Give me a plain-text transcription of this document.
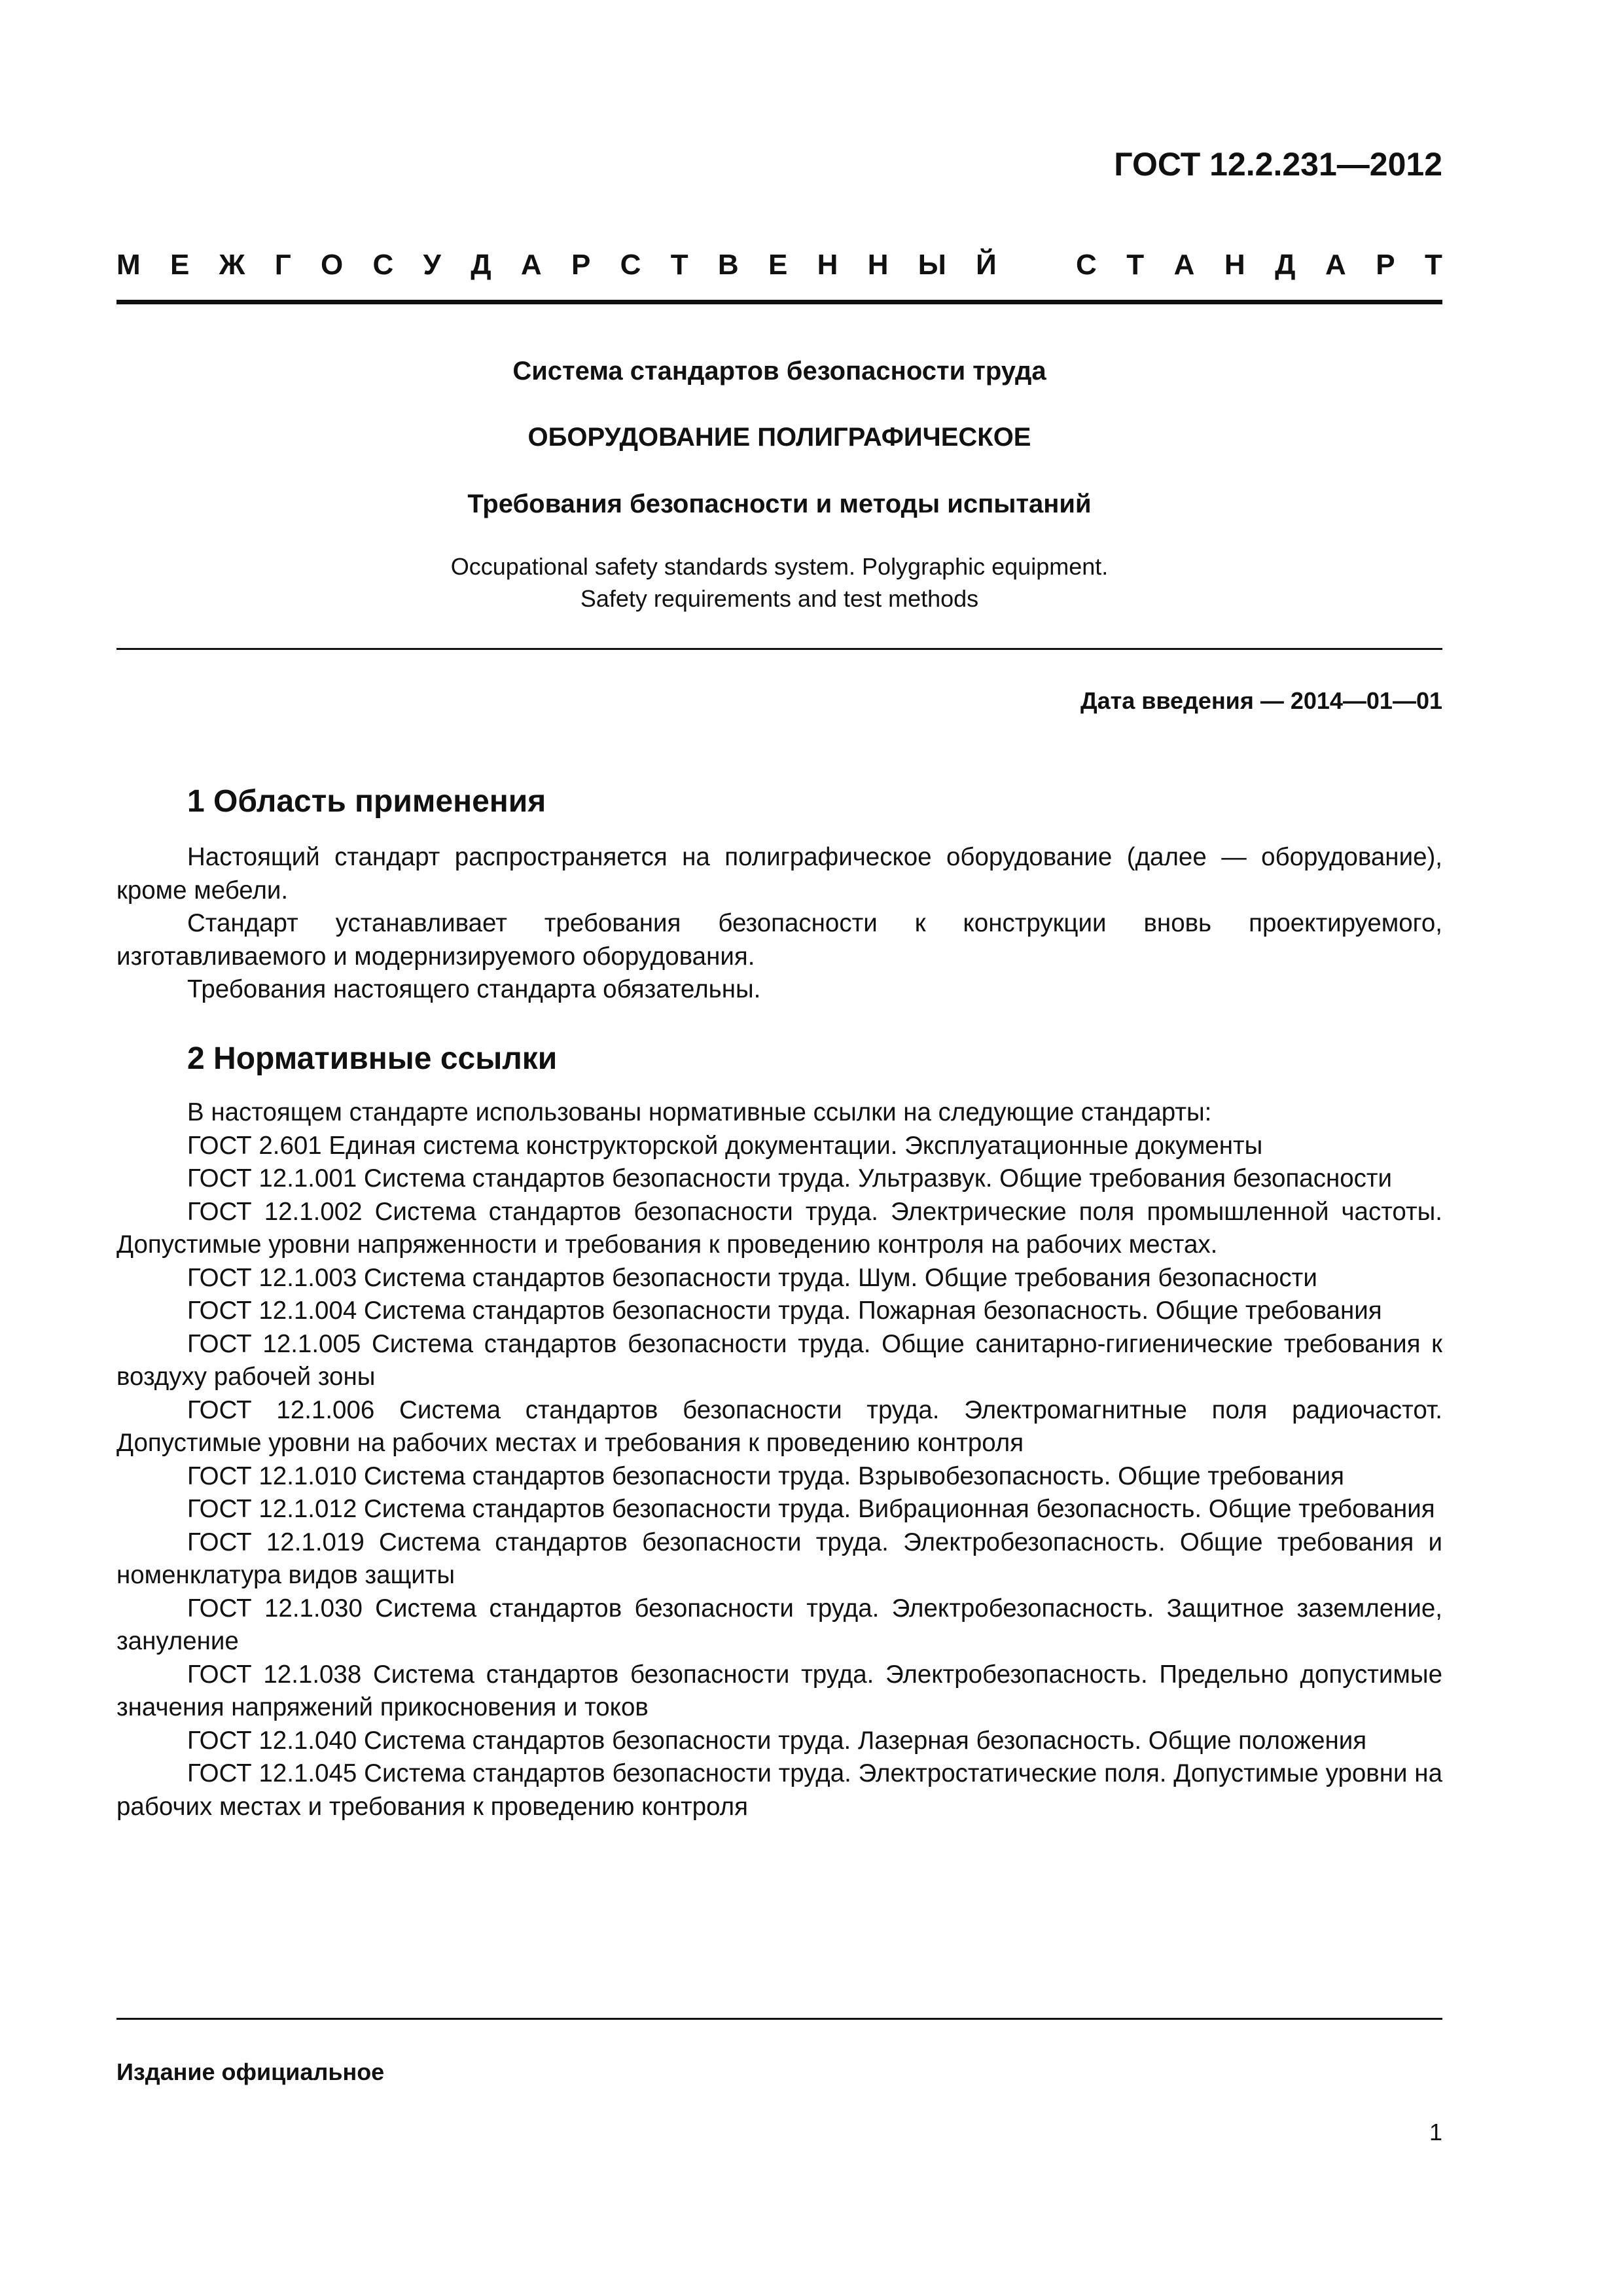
ГОСТ 12.2.231—2012
М Е Ж Г О С У Д А Р С Т В Е Н Н Ы Й	С Т А Н Д А Р Т
Система стандартов безопасности труда
ОБОРУДОВАНИЕ ПОЛИГРАФИЧЕСКОЕ
Требования безопасности и методы испытаний
Occupational safety standards system. Polygraphic equipment.
Safety requirements and test methods
Дата введения — 2014—01—01
1 Область применения

Настоящий стандарт распространяется на полиграфическое оборудование (далее — оборудование), кроме мебели.

Стандарт устанавливает требования безопасности к конструкции вновь проектируемого, изготавливаемого и модернизируемого оборудования.

Требования настоящего стандарта обязательны.

2 Нормативные ссылки

В настоящем стандарте использованы нормативные ссылки на следующие стандарты:

ГОСТ 2.601 Единая система конструкторской документации. Эксплуатационные документы

ГОСТ 12.1.001 Система стандартов безопасности труда. Ультразвук. Общие требования безопасности

ГОСТ 12.1.002 Система стандартов безопасности труда. Электрические поля промышленной частоты. Допустимые уровни напряженности и требования к проведению контроля на рабочих местах.

ГОСТ 12.1.003 Система стандартов безопасности труда. Шум. Общие требования безопасности

ГОСТ 12.1.004 Система стандартов безопасности труда. Пожарная безопасность. Общие требования

ГОСТ 12.1.005 Система стандартов безопасности труда. Общие санитарно-гигиенические требования к воздуху рабочей зоны

ГОСТ 12.1.006 Система стандартов безопасности труда. Электромагнитные поля радиочастот. Допустимые уровни на рабочих местах и требования к проведению контроля

ГОСТ 12.1.010 Система стандартов безопасности труда. Взрывобезопасность. Общие требования

ГОСТ 12.1.012 Система стандартов безопасности труда. Вибрационная безопасность. Общие требования

ГОСТ 12.1.019 Система стандартов безопасности труда. Электробезопасность. Общие требования и номенклатура видов защиты

ГОСТ 12.1.030 Система стандартов безопасности труда. Электробезопасность. Защитное заземление, зануление

ГОСТ 12.1.038 Система стандартов безопасности труда. Электробезопасность. Предельно допустимые значения напряжений прикосновения и токов

ГОСТ 12.1.040 Система стандартов безопасности труда. Лазерная безопасность. Общие положения

ГОСТ 12.1.045 Система стандартов безопасности труда. Электростатические поля. Допустимые уровни на рабочих местах и требования к проведению контроля

Издание официальное
1
